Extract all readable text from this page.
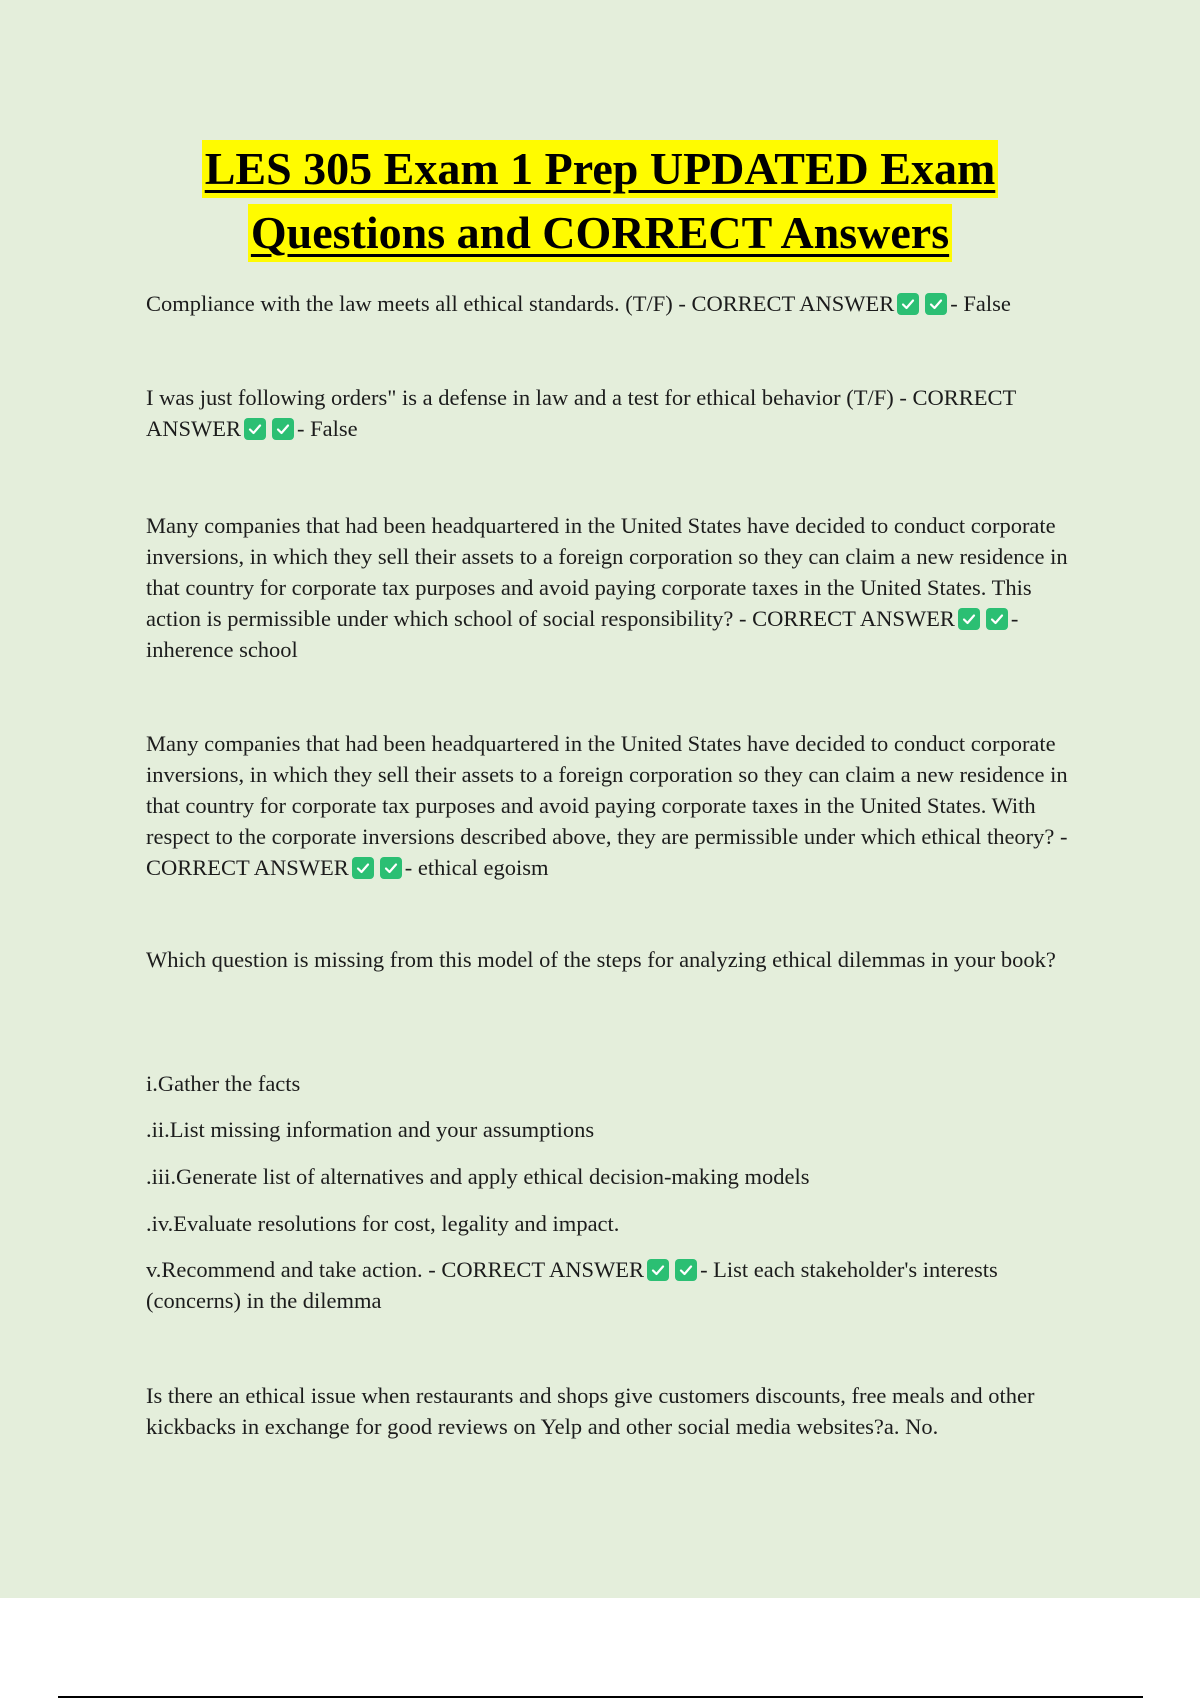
LES 305 Exam 1 Prep UPDATED Exam
Questions and CORRECT Answers
Compliance with the law meets all ethical standards. (T/F) - CORRECT ANSWER - False
I was just following orders" is a defense in law and a test for ethical behavior (T/F) - CORRECT ANSWER - False
Many companies that had been headquartered in the United States have decided to conduct corporate inversions, in which they sell their assets to a foreign corporation so they can claim a new residence in that country for corporate tax purposes and avoid paying corporate taxes in the United States. This action is permissible under which school of social responsibility? - CORRECT ANSWER - inherence school
Many companies that had been headquartered in the United States have decided to conduct corporate inversions, in which they sell their assets to a foreign corporation so they can claim a new residence in that country for corporate tax purposes and avoid paying corporate taxes in the United States. With respect to the corporate inversions described above, they are permissible under which ethical theory? - CORRECT ANSWER - ethical egoism
Which question is missing from this model of the steps for analyzing ethical dilemmas in your book?
i.Gather the facts
.ii.List missing information and your assumptions
.iii.Generate list of alternatives and apply ethical decision-making models
.iv.Evaluate resolutions for cost, legality and impact.
v.Recommend and take action. - CORRECT ANSWER - List each stakeholder's interests (concerns) in the dilemma
Is there an ethical issue when restaurants and shops give customers discounts, free meals and other kickbacks in exchange for good reviews on Yelp and other social media websites?a. No.
